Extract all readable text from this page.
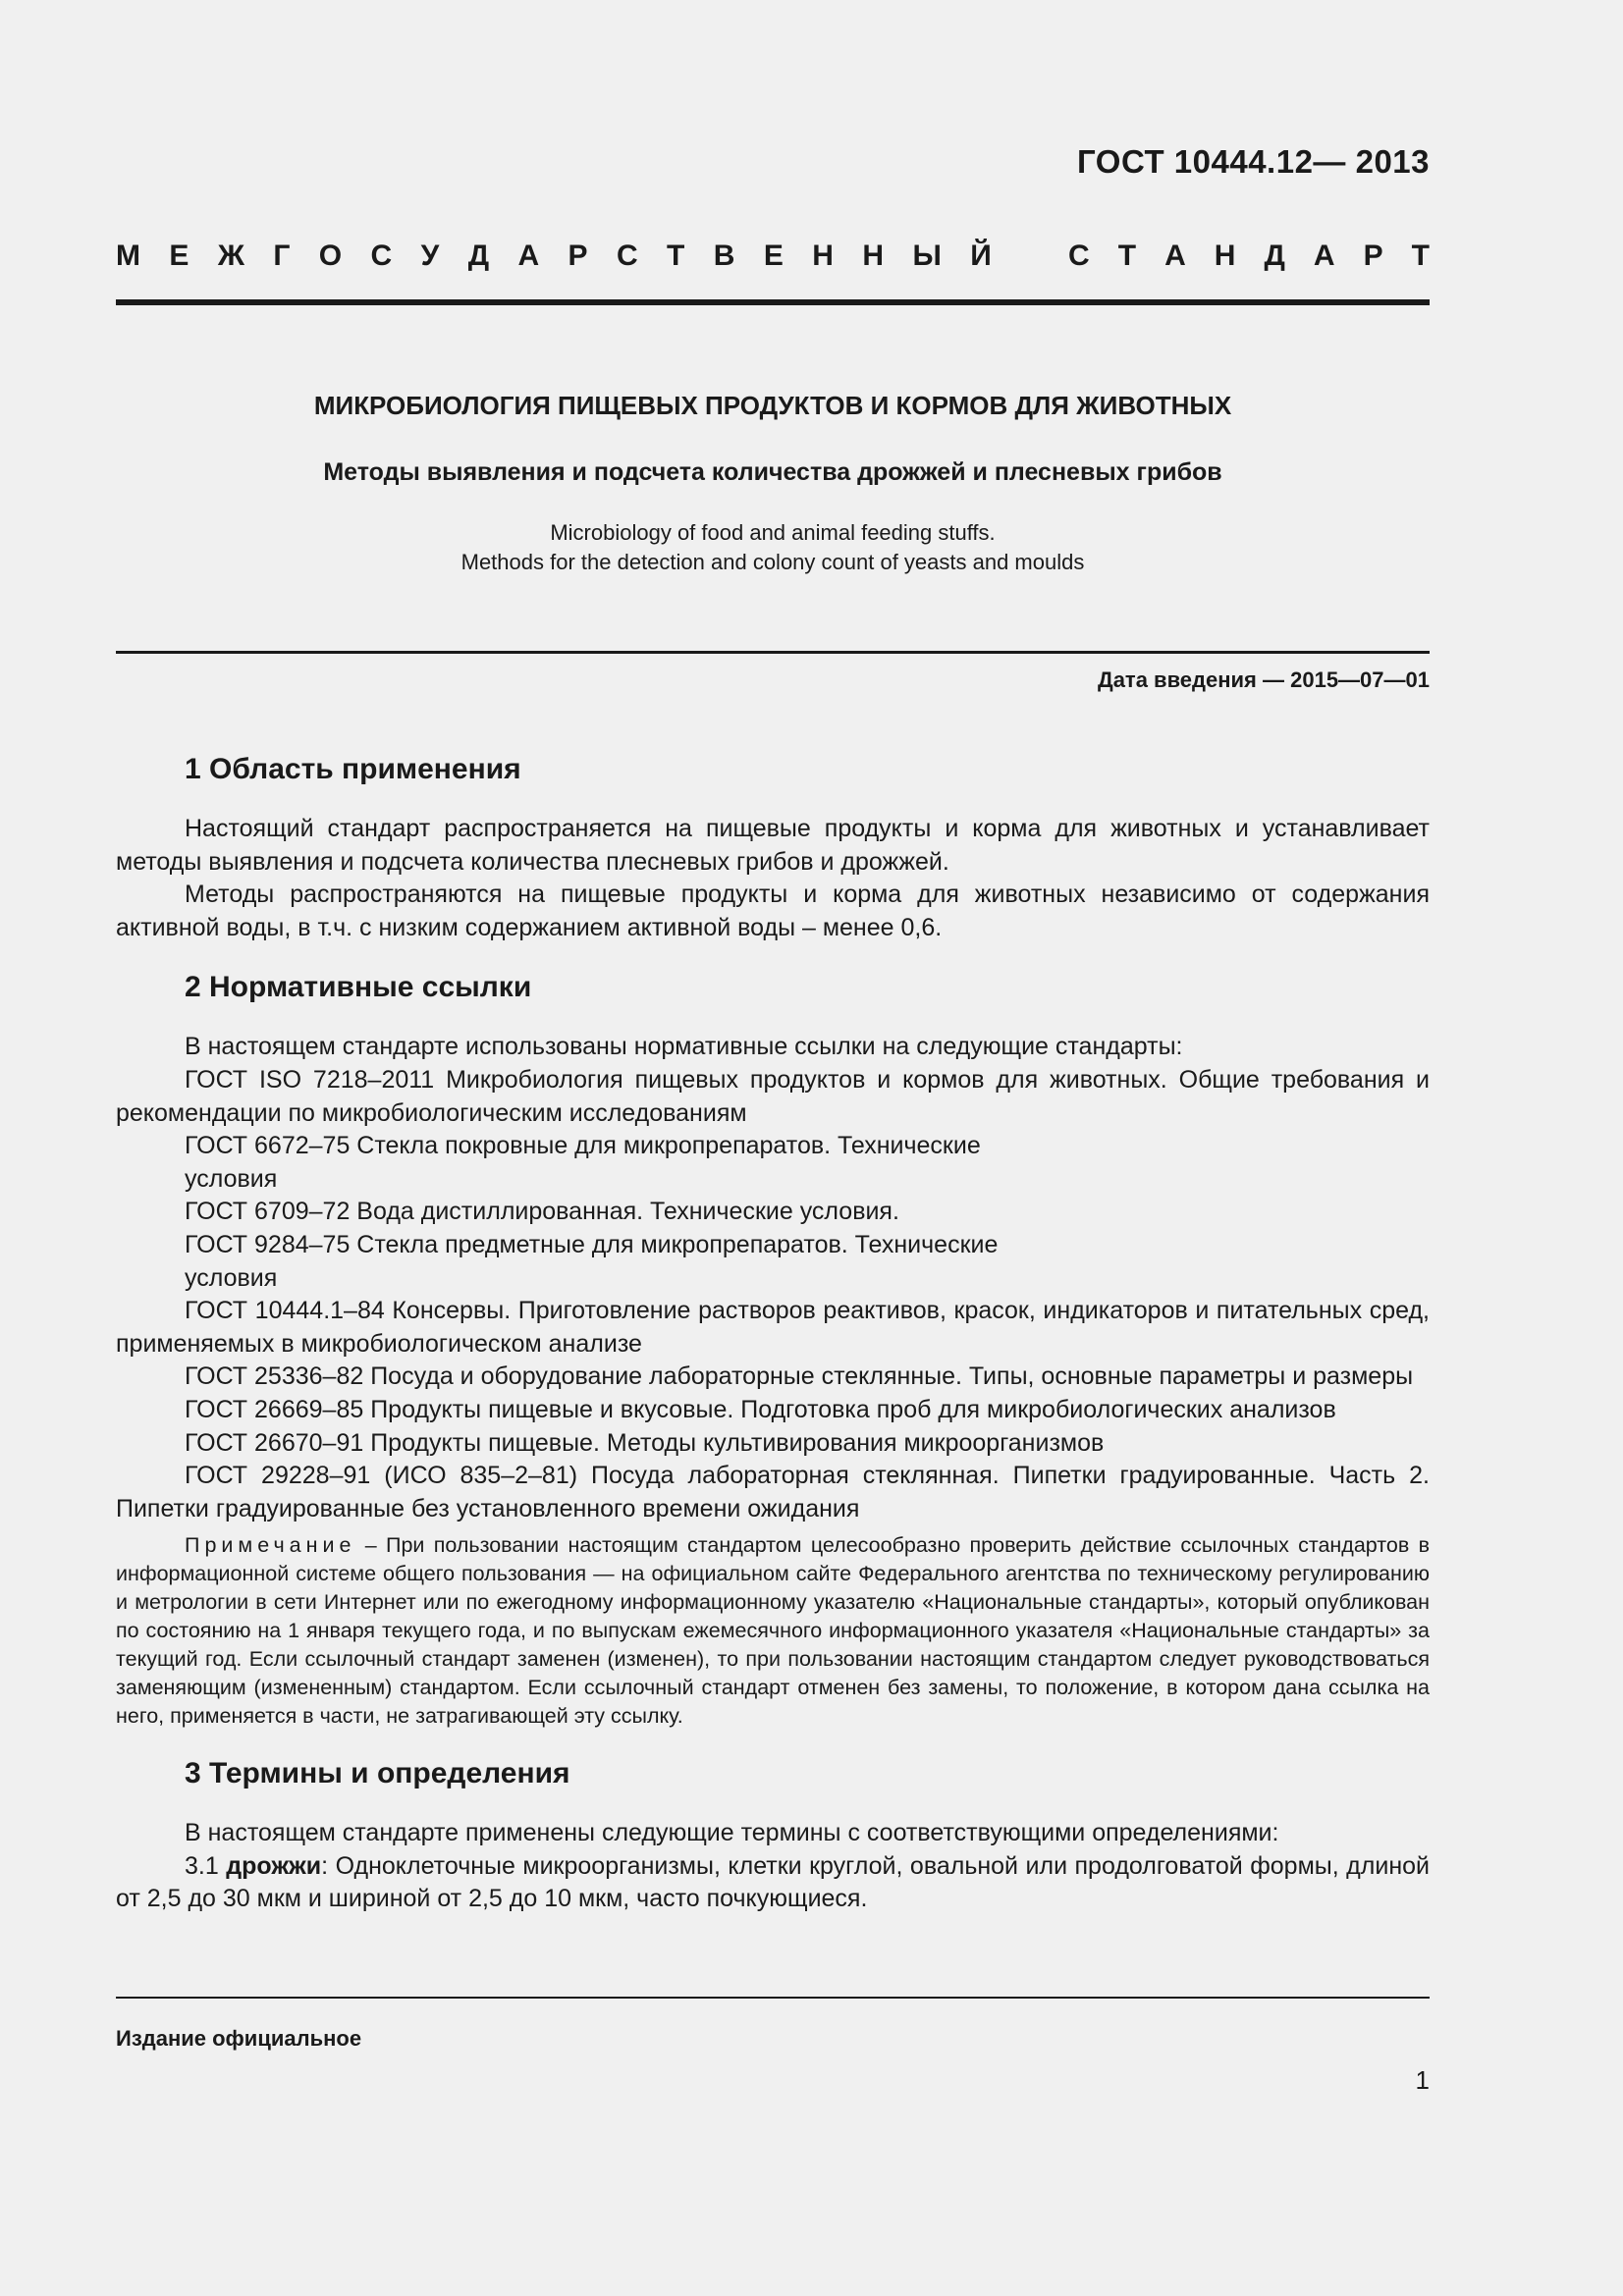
ГОСТ 10444.12— 2013
М Е Ж Г О С У Д А Р С Т В Е Н Н Ы Й	С Т А Н Д А Р Т
МИКРОБИОЛОГИЯ ПИЩЕВЫХ ПРОДУКТОВ И КОРМОВ ДЛЯ ЖИВОТНЫХ
Методы выявления и подсчета количества дрожжей и плесневых грибов
Microbiology of food and animal feeding stuffs.
Methods for the detection and colony count of yeasts and moulds
Дата введения — 2015—07—01
1 Область применения

Настоящий стандарт распространяется на пищевые продукты и корма для животных и устанавливает методы выявления и подсчета количества плесневых грибов и дрожжей.

Методы распространяются на пищевые продукты и корма для животных независимо от содержания активной воды, в т.ч. с низким содержанием активной воды – менее 0,6.

2 Нормативные ссылки

В настоящем стандарте использованы нормативные ссылки на следующие стандарты:

ГОСТ ISO 7218–2011 Микробиология пищевых продуктов и кормов для животных. Общие требования и рекомендации по микробиологическим исследованиям

ГОСТ 6672–75 Стекла покровные для микропрепаратов. Технические

условия

ГОСТ 6709–72 Вода дистиллированная. Технические условия.

ГОСТ 9284–75 Стекла предметные для микропрепаратов. Технические

условия

ГОСТ 10444.1–84 Консервы. Приготовление растворов реактивов, красок, индикаторов и питательных сред, применяемых в микробиологическом анализе

ГОСТ 25336–82 Посуда и оборудование лабораторные стеклянные. Типы, основные параметры и размеры

ГОСТ 26669–85 Продукты пищевые и вкусовые. Подготовка проб для микробиологических анализов

ГОСТ 26670–91 Продукты пищевые. Методы культивирования микроорганизмов

ГОСТ 29228–91 (ИСО 835–2–81) Посуда лабораторная стеклянная. Пипетки градуированные. Часть 2. Пипетки градуированные без установленного времени ожидания

Примечание – При пользовании настоящим стандартом целесообразно проверить действие ссылочных стандартов в информационной системе общего пользования — на официальном сайте Федерального агентства по техническому регулированию и метрологии в сети Интернет или по ежегодному информационному указателю «Национальные стандарты», который опубликован по состоянию на 1 января текущего года, и по выпускам ежемесячного информационного указателя «Национальные стандарты» за текущий год. Если ссылочный стандарт заменен (изменен), то при пользовании настоящим стандартом следует руководствоваться заменяющим (измененным) стандартом. Если ссылочный стандарт отменен без замены, то положение, в котором дана ссылка на него, применяется в части, не затрагивающей эту ссылку.

3 Термины и определения

В настоящем стандарте применены следующие термины с соответствующими определениями:

3.1 дрожжи: Одноклеточные микроорганизмы, клетки круглой, овальной или продолговатой формы, длиной от 2,5 до 30 мкм и шириной от 2,5 до 10 мкм, часто почкующиеся.

Издание официальное
1
